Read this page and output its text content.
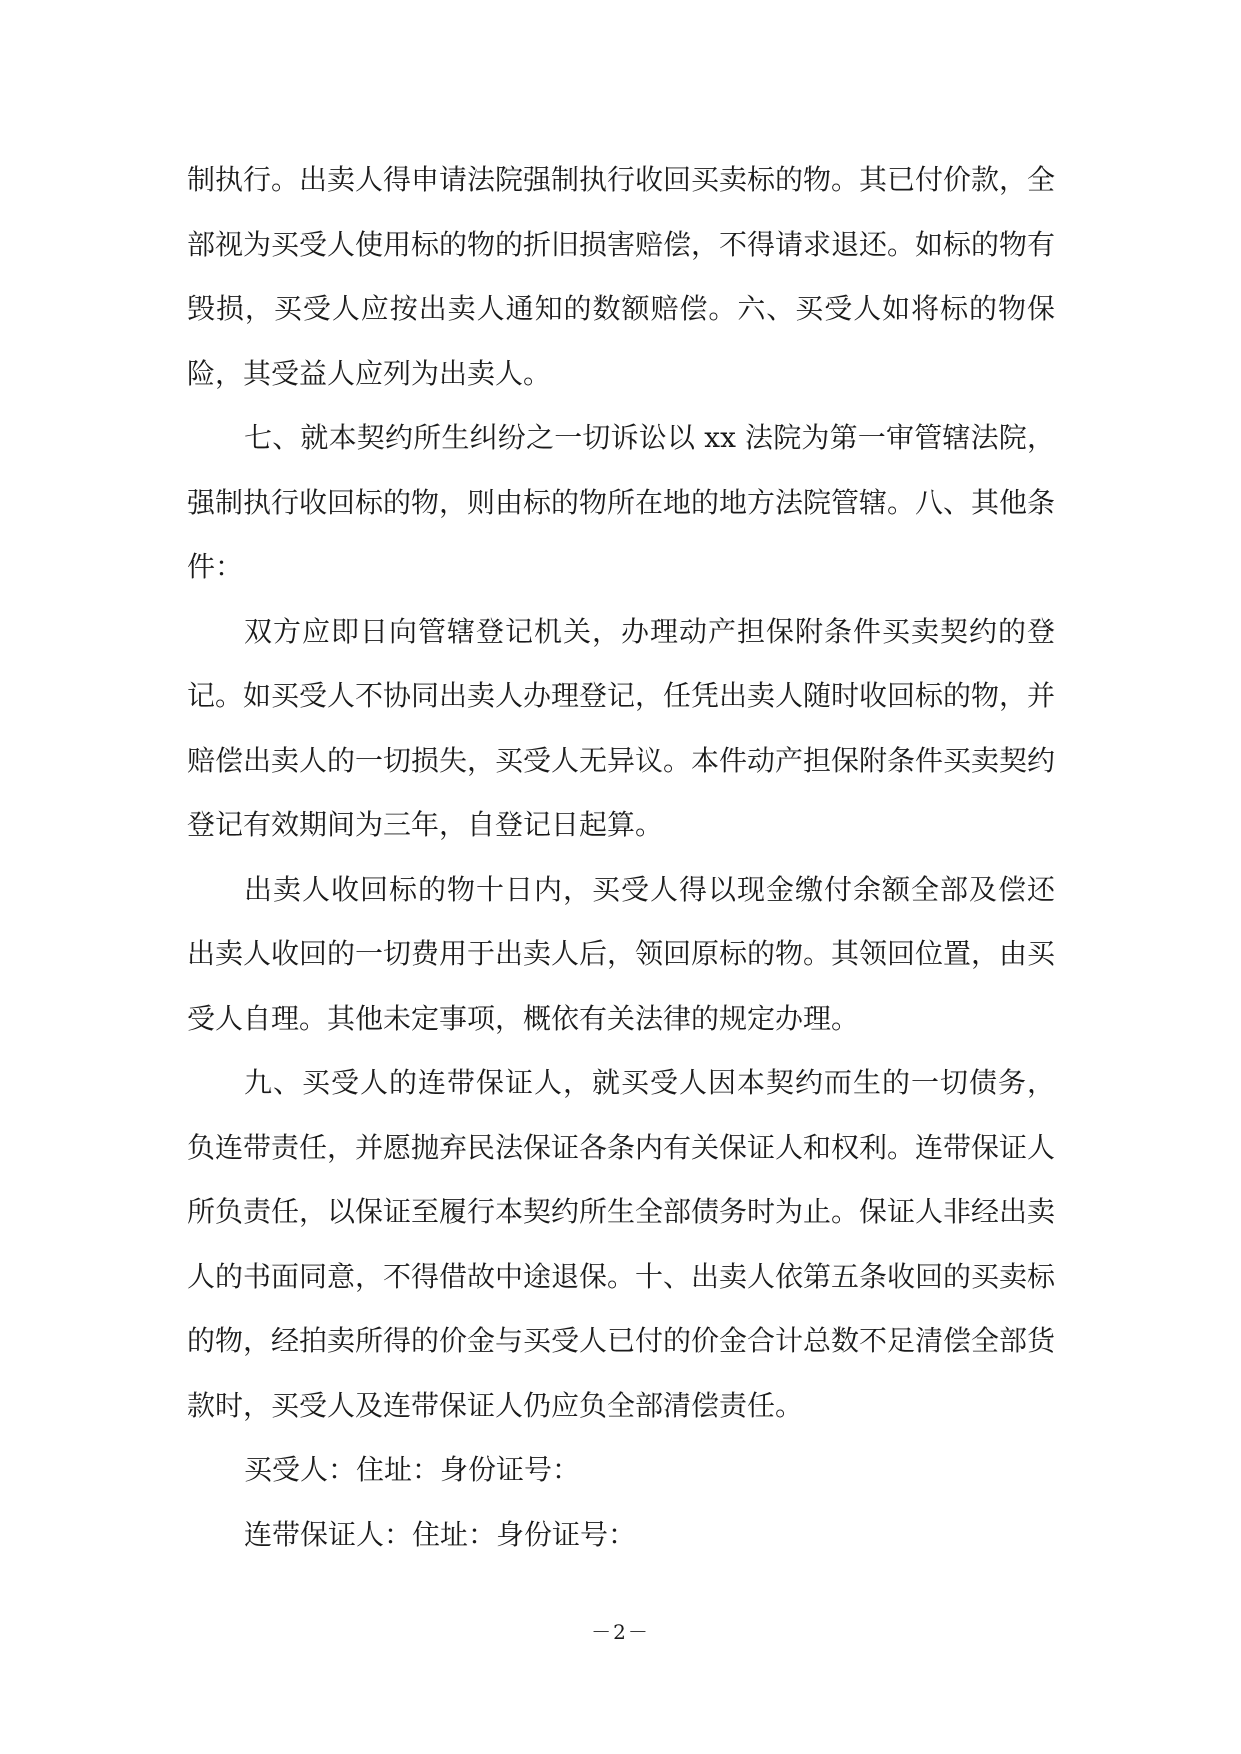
制执行。出卖人得申请法院强制执行收回买卖标的物。其已付价款，全部视为买受人使用标的物的折旧损害赔偿，不得请求退还。如标的物有毁损，买受人应按出卖人通知的数额赔偿。六、买受人如将标的物保险，其受益人应列为出卖人。

七、就本契约所生纠纷之一切诉讼以 xx 法院为第一审管辖法院，强制执行收回标的物，则由标的物所在地的地方法院管辖。八、其他条件：

双方应即日向管辖登记机关，办理动产担保附条件买卖契约的登记。如买受人不协同出卖人办理登记，任凭出卖人随时收回标的物，并赔偿出卖人的一切损失，买受人无异议。本件动产担保附条件买卖契约登记有效期间为三年，自登记日起算。

出卖人收回标的物十日内，买受人得以现金缴付余额全部及偿还出卖人收回的一切费用于出卖人后，领回原标的物。其领回位置，由买受人自理。其他未定事项，概依有关法律的规定办理。

九、买受人的连带保证人，就买受人因本契约而生的一切债务，负连带责任，并愿抛弃民法保证各条内有关保证人和权利。连带保证人所负责任，以保证至履行本契约所生全部债务时为止。保证人非经出卖人的书面同意，不得借故中途退保。十、出卖人依第五条收回的买卖标的物，经拍卖所得的价金与买受人已付的价金合计总数不足清偿全部货款时，买受人及连带保证人仍应负全部清偿责任。

买受人：住址：身份证号：

连带保证人：住址：身份证号：

－2－
